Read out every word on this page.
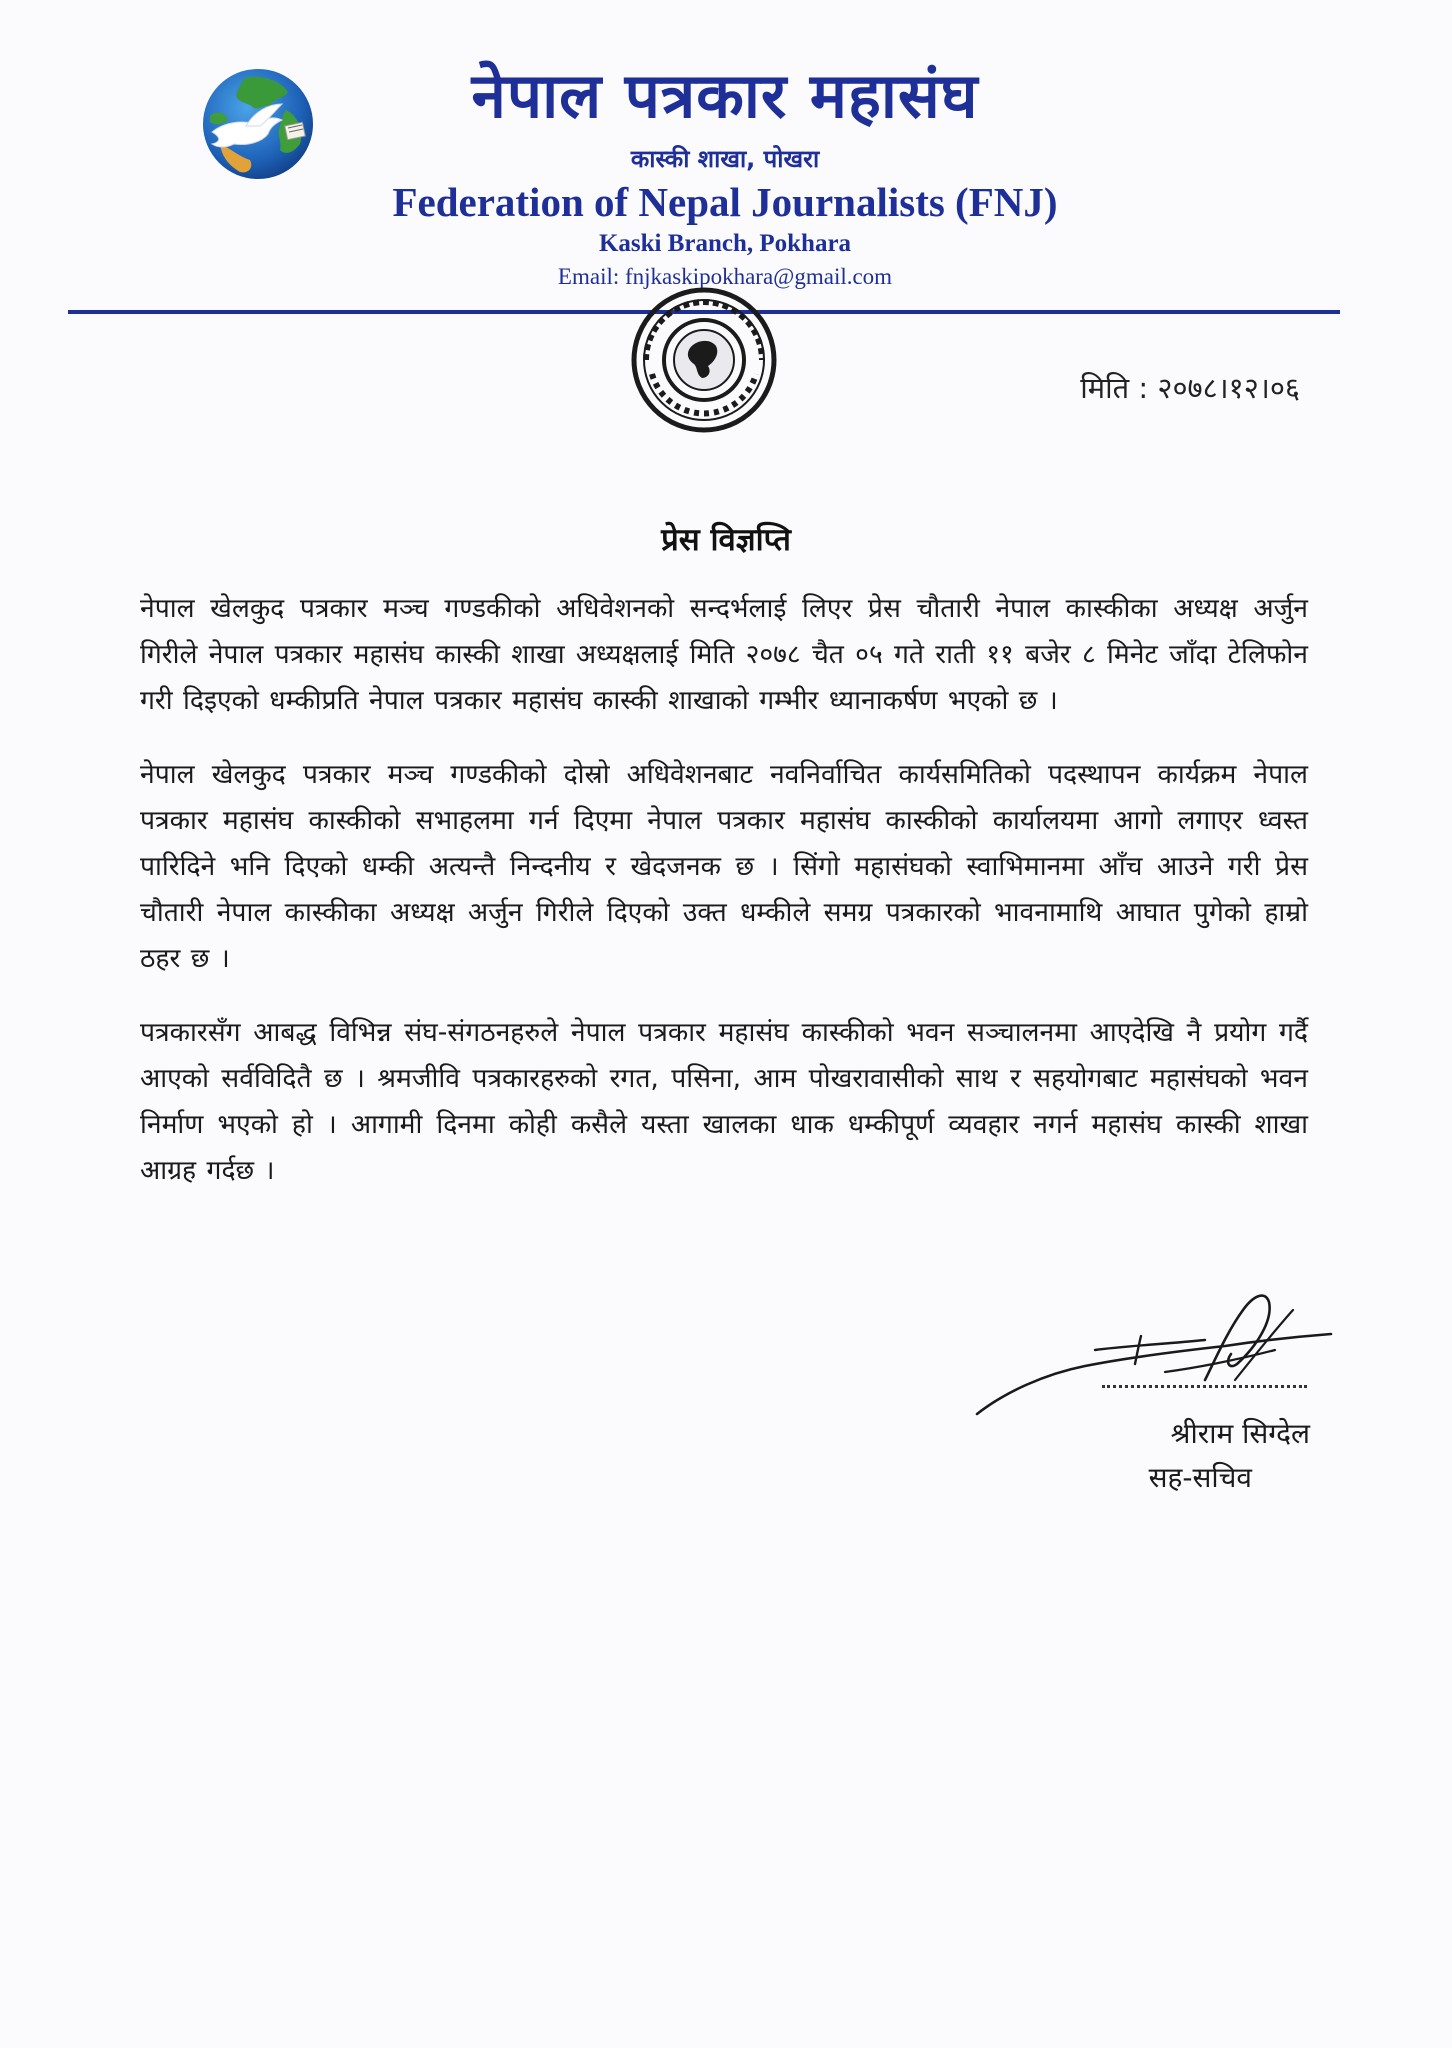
नेपाल पत्रकार महासंघ
कास्की शाखा, पोखरा
Federation of Nepal Journalists (FNJ)
Kaski Branch, Pokhara
Email: fnjkaskipokhara@gmail.com
मिति : २०७८।१२।०६
प्रेस विज्ञप्ति

नेपाल खेलकुद पत्रकार मञ्च गण्डकीको अधिवेशनको सन्दर्भलाई लिएर प्रेस चौतारी नेपाल कास्कीका अध्यक्ष अर्जुन गिरीले नेपाल पत्रकार महासंघ कास्की शाखा अध्यक्षलाई मिति २०७८ चैत ०५ गते राती ११ बजेर ८ मिनेट जाँदा टेलिफोन गरी दिइएको धम्कीप्रति नेपाल पत्रकार महासंघ कास्की शाखाको गम्भीर ध्यानाकर्षण भएको छ ।

नेपाल खेलकुद पत्रकार मञ्च गण्डकीको दोस्रो अधिवेशनबाट नवनिर्वाचित कार्यसमितिको पदस्थापन कार्यक्रम नेपाल पत्रकार महासंघ कास्कीको सभाहलमा गर्न दिएमा नेपाल पत्रकार महासंघ कास्कीको कार्यालयमा आगो लगाएर ध्वस्त पारिदिने भनि दिएको धम्की अत्यन्तै निन्दनीय र खेदजनक छ । सिंगो महासंघको स्वाभिमानमा आँच आउने गरी प्रेस चौतारी नेपाल कास्कीका अध्यक्ष अर्जुन गिरीले दिएको उक्त धम्कीले समग्र पत्रकारको भावनामाथि आघात पुगेको हाम्रो ठहर छ ।

पत्रकारसँग आबद्ध विभिन्न संघ-संगठनहरुले नेपाल पत्रकार महासंघ कास्कीको भवन सञ्चालनमा आएदेखि नै प्रयोग गर्दै आएको सर्वविदितै छ । श्रमजीवि पत्रकारहरुको रगत, पसिना, आम पोखरावासीको साथ र सहयोगबाट महासंघको भवन निर्माण भएको हो । आगामी दिनमा कोही कसैले यस्ता खालका धाक धम्कीपूर्ण व्यवहार नगर्न महासंघ कास्की शाखा आग्रह गर्दछ ।

श्रीराम सिग्देल
सह-सचिव
